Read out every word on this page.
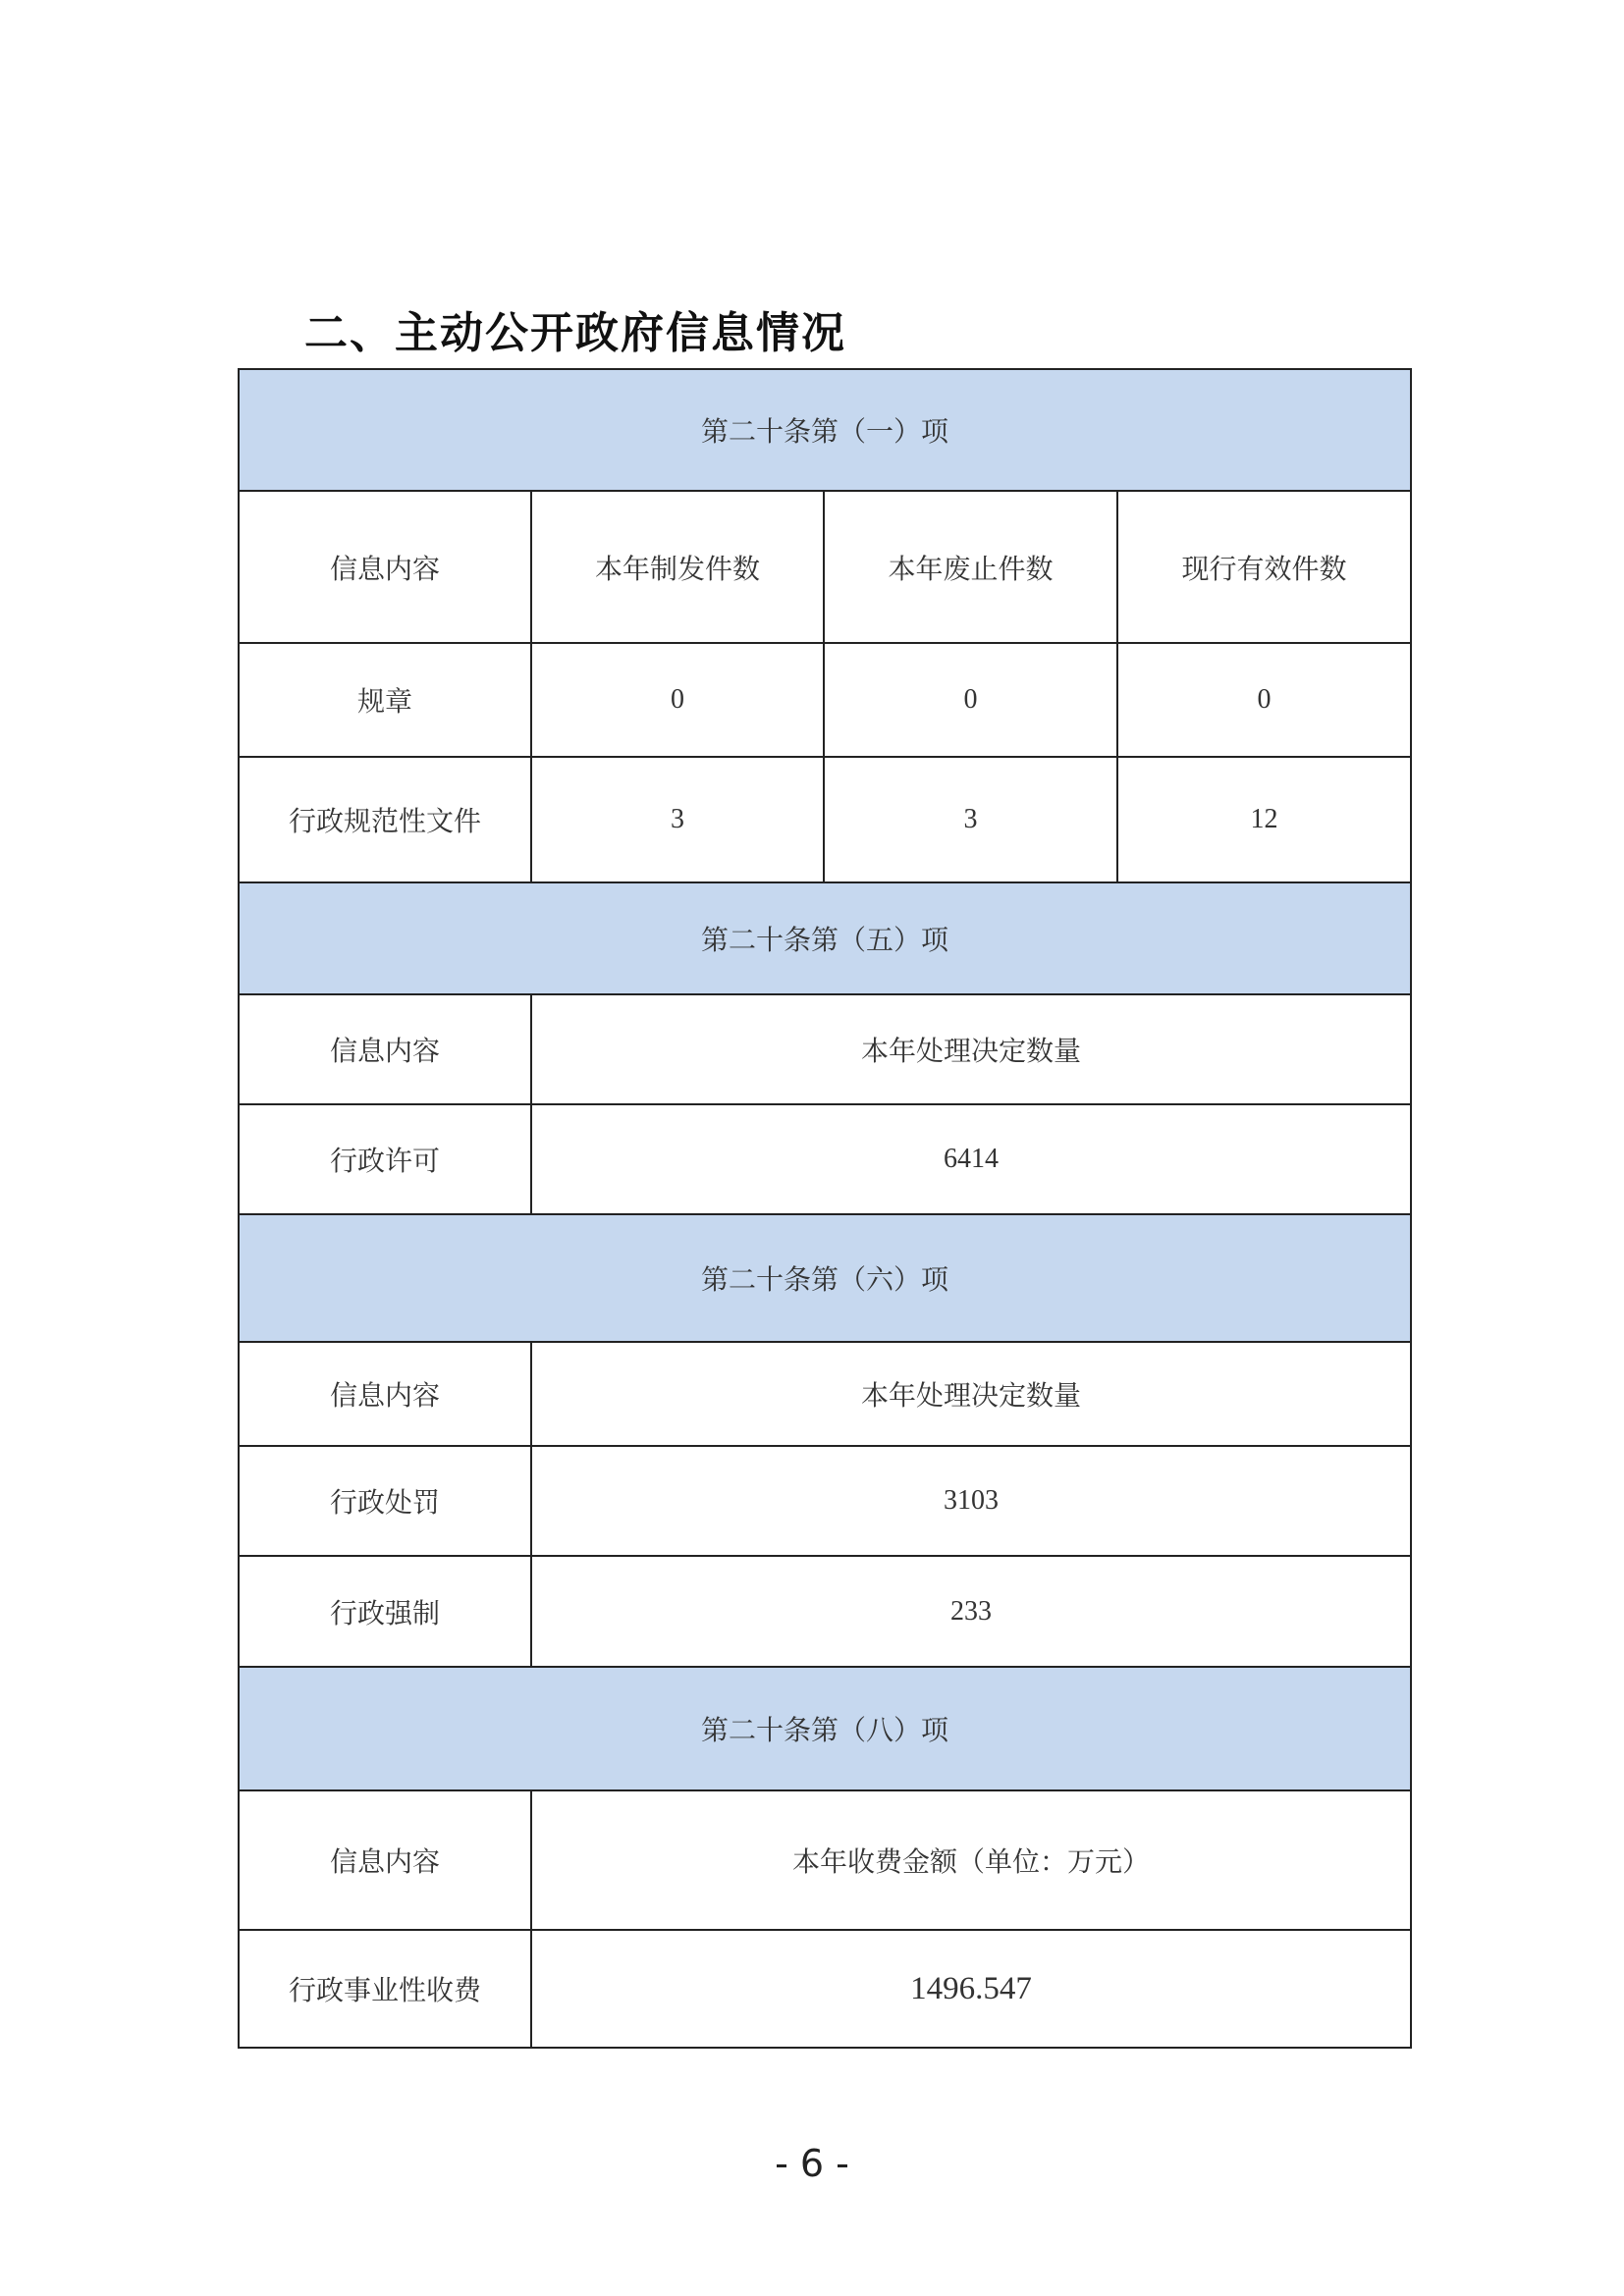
二、主动公开政府信息情况
第二十条第（一）项			
信息内容	本年制发件数	本年废止件数	现行有效件数
规章	0	0	0
行政规范性文件	3	3	12
第二十条第（五）项			
信息内容	本年处理决定数量		
行政许可	6414		
第二十条第（六）项			
信息内容	本年处理决定数量		
行政处罚	3103		
行政强制	233		
第二十条第（八）项			
信息内容	本年收费金额（单位：万元）		
行政事业性收费	1496.547		
- 6 -
